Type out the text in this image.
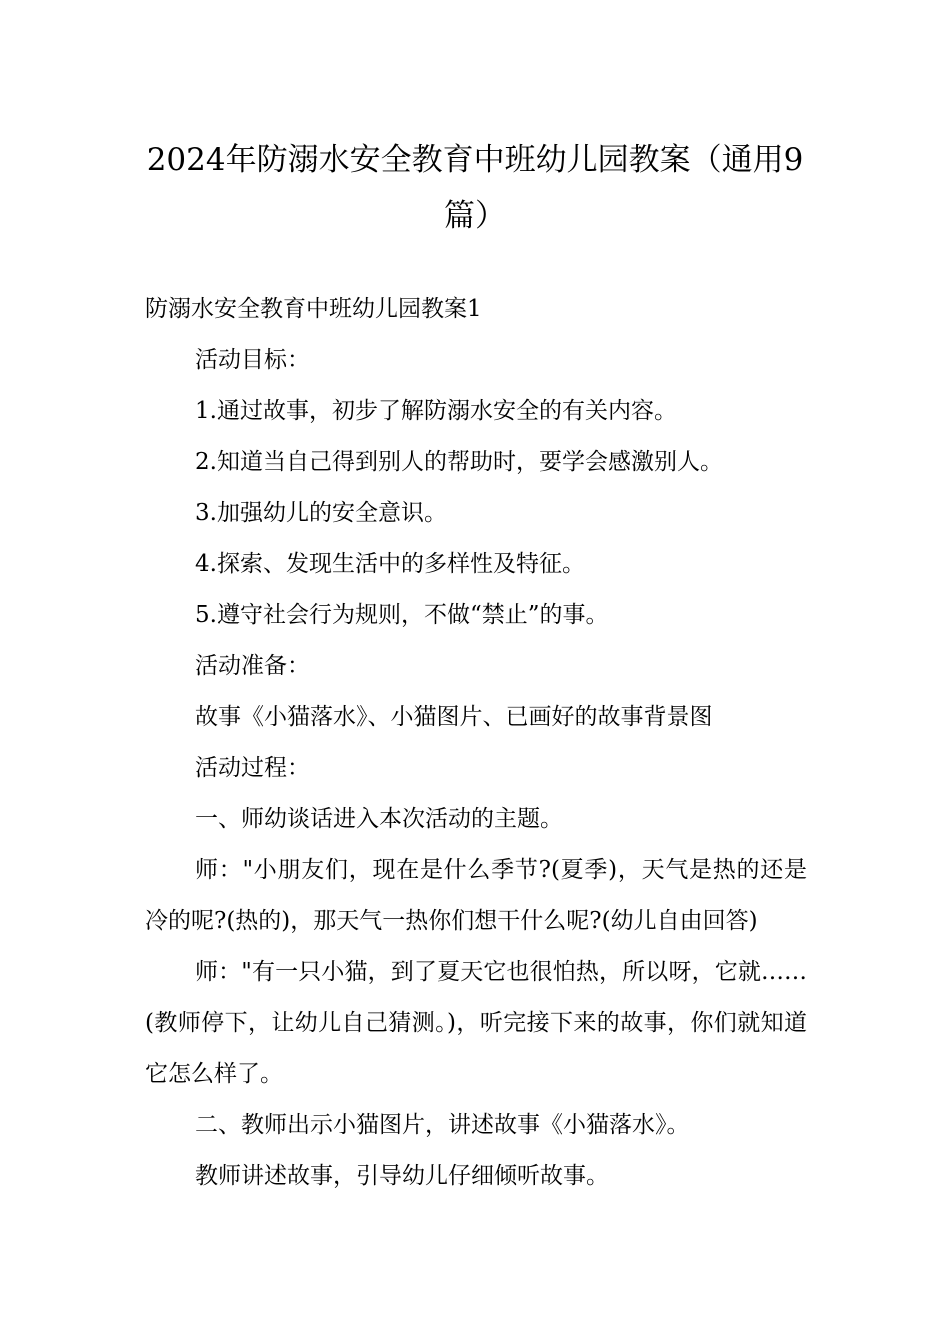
2024年防溺水安全教育中班幼儿园教案（通用9篇）

防溺水安全教育中班幼儿园教案1

活动目标：

1.通过故事，初步了解防溺水安全的有关内容。

2.知道当自己得到别人的帮助时，要学会感激别人。

3.加强幼儿的安全意识。

4.探索、发现生活中的多样性及特征。

5.遵守社会行为规则，不做“禁止”的事。

活动准备：

故事《小猫落水》、小猫图片、已画好的故事背景图

活动过程：

一、师幼谈话进入本次活动的主题。

师："小朋友们，现在是什么季节?(夏季)，天气是热的还是冷的呢?(热的)，那天气一热你们想干什么呢?(幼儿自由回答)

师："有一只小猫，到了夏天它也很怕热，所以呀，它就……(教师停下，让幼儿自己猜测。)，听完接下来的故事，你们就知道它怎么样了。

二、教师出示小猫图片，讲述故事《小猫落水》。

教师讲述故事，引导幼儿仔细倾听故事。
